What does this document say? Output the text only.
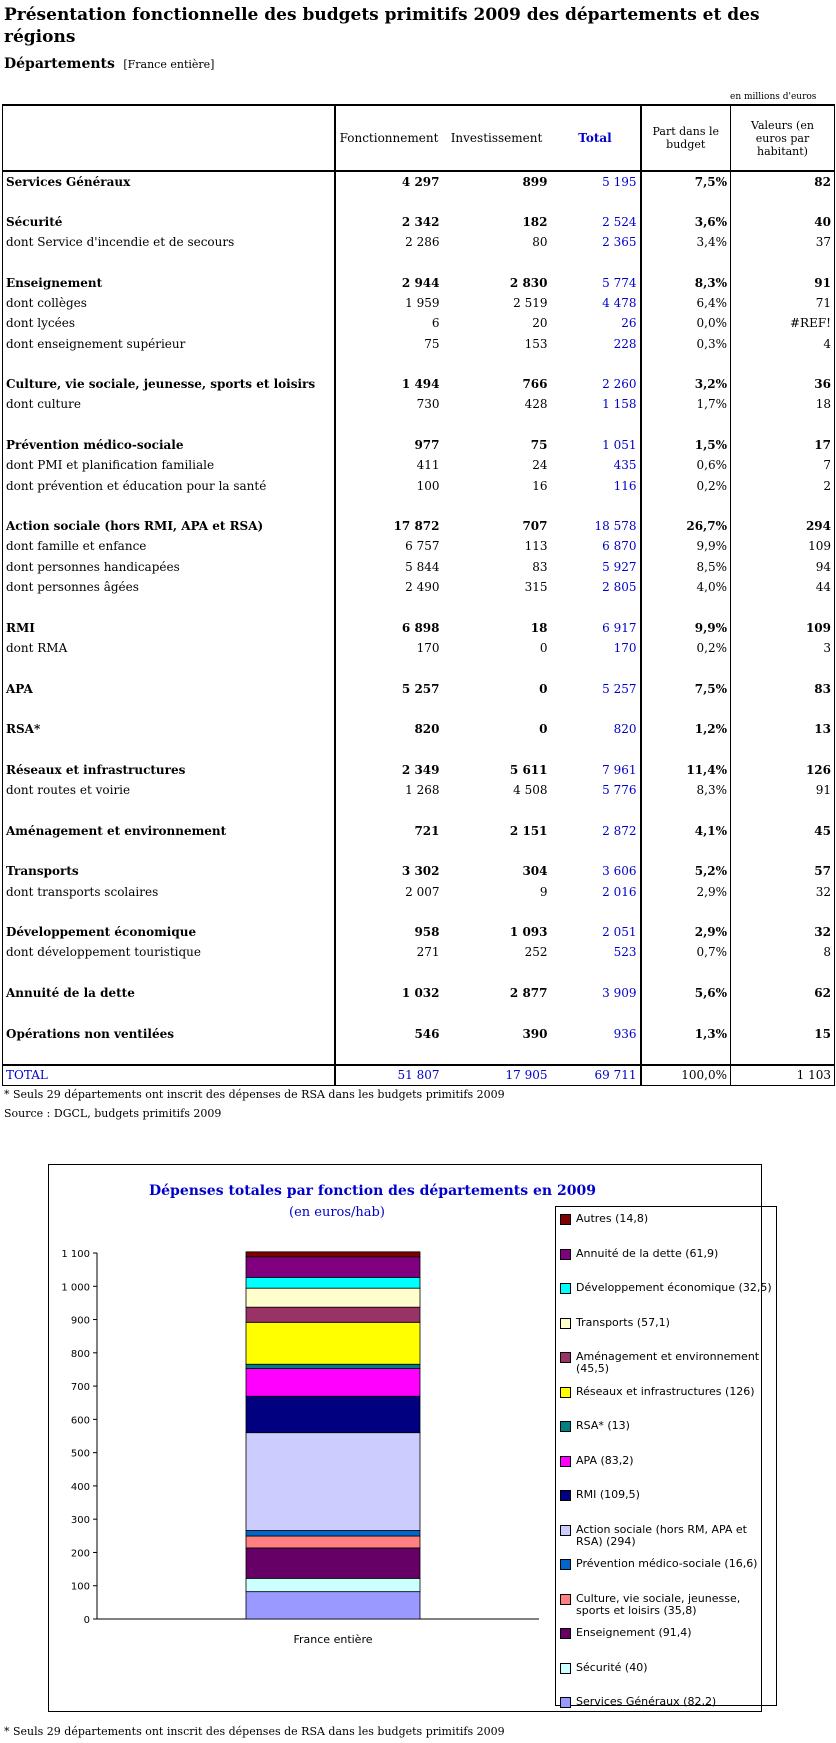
Présentation fonctionnelle des budgets primitifs 2009 des départements et des régions
Départements [France entière]
en millions d'euros
	Fonctionnement	Investissement	Total	Part dans le budget	Valeurs (en euros par habitant)
Services Généraux	4 297	899	5 195	7,5%	82

Sécurité	2 342	182	2 524	3,6%	40
dont Service d'incendie et de secours	2 286	80	2 365	3,4%	37

Enseignement	2 944	2 830	5 774	8,3%	91
dont collèges	1 959	2 519	4 478	6,4%	71
dont lycées	6	20	26	0,0%	#REF!
dont enseignement supérieur	75	153	228	0,3%	4

Culture, vie sociale, jeunesse, sports et loisirs	1 494	766	2 260	3,2%	36
dont culture	730	428	1 158	1,7%	18

Prévention médico-sociale	977	75	1 051	1,5%	17
dont PMI et planification familiale	411	24	435	0,6%	7
dont prévention et éducation pour la santé	100	16	116	0,2%	2

Action sociale (hors RMI, APA et RSA)	17 872	707	18 578	26,7%	294
dont famille et enfance	6 757	113	6 870	9,9%	109
dont personnes handicapées	5 844	83	5 927	8,5%	94
dont personnes âgées	2 490	315	2 805	4,0%	44

RMI	6 898	18	6 917	9,9%	109
dont RMA	170	0	170	0,2%	3

APA	5 257	0	5 257	7,5%	83

RSA*	820	0	820	1,2%	13

Réseaux et infrastructures	2 349	5 611	7 961	11,4%	126
dont routes et voirie	1 268	4 508	5 776	8,3%	91

Aménagement et environnement	721	2 151	2 872	4,1%	45

Transports	3 302	304	3 606	5,2%	57
dont transports scolaires	2 007	9	2 016	2,9%	32

Développement économique	958	1 093	2 051	2,9%	32
dont développement touristique	271	252	523	0,7%	8

Annuité de la dette	1 032	2 877	3 909	5,6%	62

Opérations non ventilées	546	390	936	1,3%	15

TOTAL	51 807	17 905	69 711	100,0%	1 103
* Seuls 29 départements ont inscrit des dépenses de RSA dans les budgets primitifs 2009
Source : DGCL, budgets primitifs 2009
Dépenses totales par fonction des départements en 2009
(en euros/hab)
0
100
200
300
400
500
600
700
800
900
1 000
1 100
France entière
Autres (14,8)
Annuité de la dette (61,9)
Développement économique (32,5)
Transports (57,1)
Aménagement et environnement (45,5)
Réseaux et infrastructures (126)
RSA* (13)
APA (83,2)
RMI (109,5)
Action sociale (hors RM, APA et RSA) (294)
Prévention médico-sociale (16,6)
Culture, vie sociale, jeunesse, sports et loisirs (35,8)
Enseignement (91,4)
Sécurité (40)
Services Généraux (82,2)
* Seuls 29 départements ont inscrit des dépenses de RSA dans les budgets primitifs 2009
